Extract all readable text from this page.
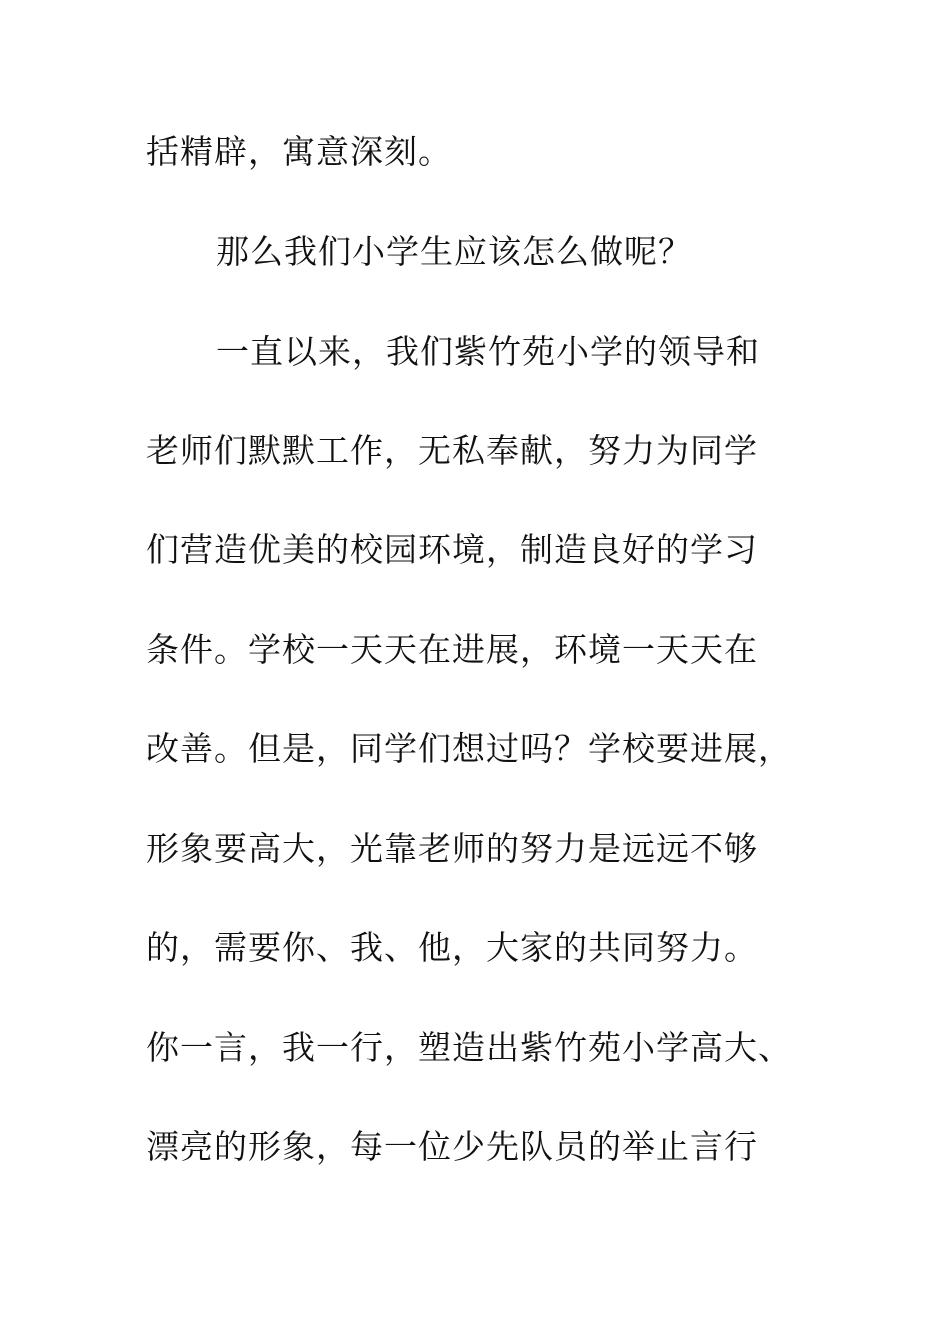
括精辟，寓意深刻。
那么我们小学生应该怎么做呢？
一直以来，我们紫竹苑小学的领导和
老师们默默工作，无私奉献，努力为同学
们营造优美的校园环境，制造良好的学习
条件。学校一天天在进展，环境一天天在
改善。但是，同学们想过吗？学校要进展，
形象要高大，光靠老师的努力是远远不够
的，需要你、我、他，大家的共同努力。
你一言，我一行，塑造出紫竹苑小学高大、
漂亮的形象，每一位少先队员的举止言行
